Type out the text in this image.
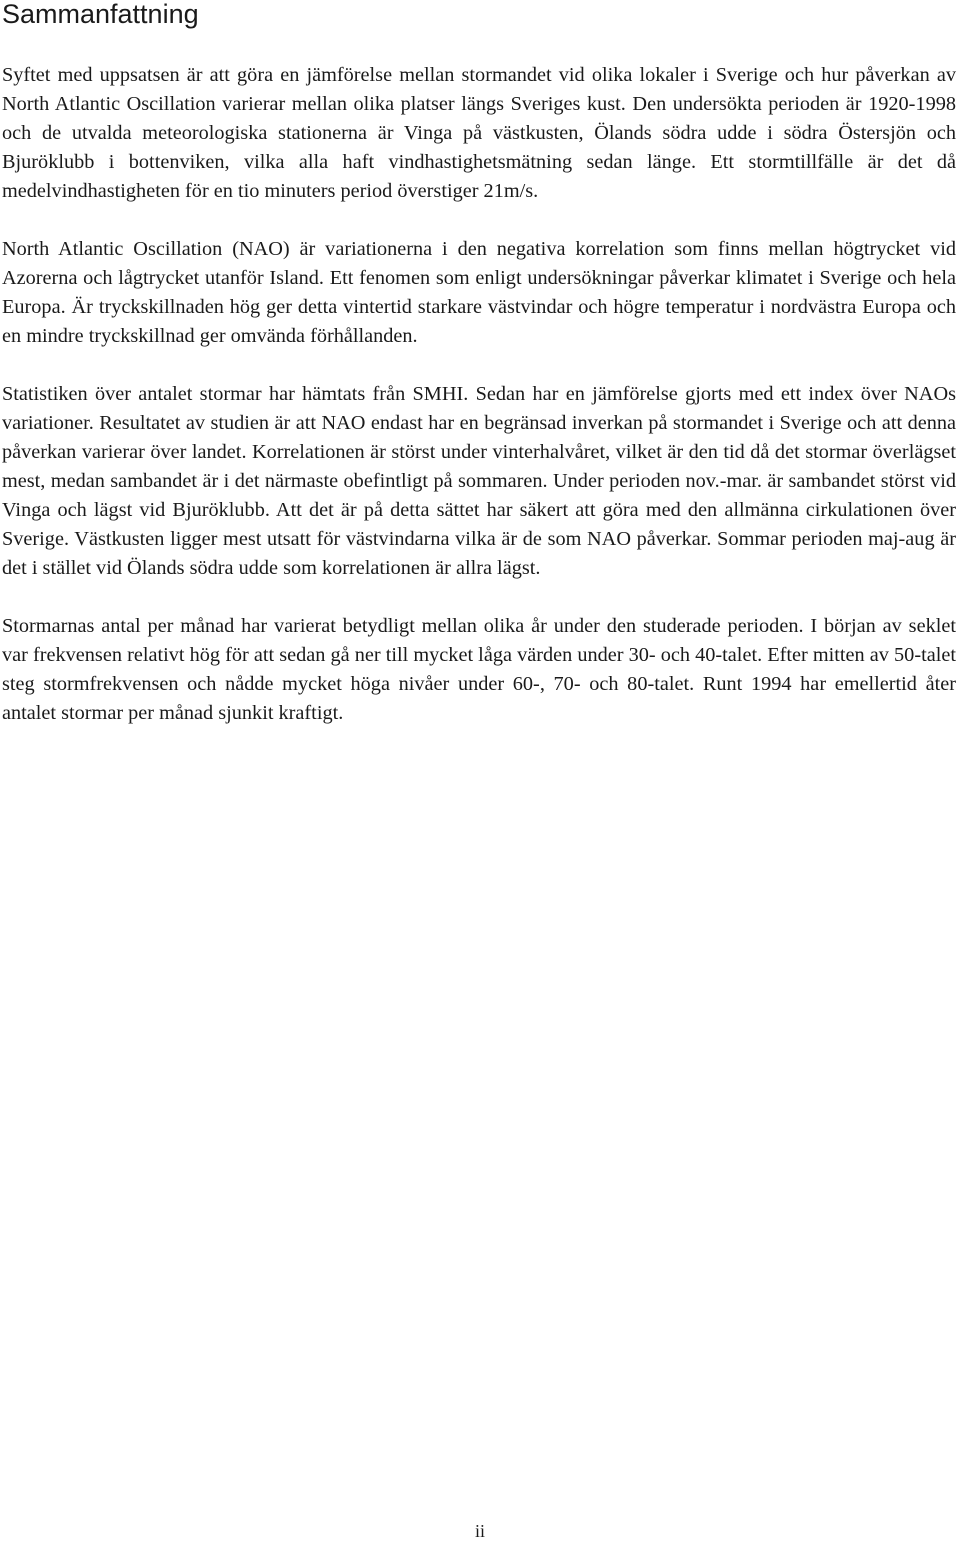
Sammanfattning

Syftet med uppsatsen är att göra en jämförelse mellan stormandet vid olika lokaler i Sverige och hur påverkan av North Atlantic Oscillation varierar mellan olika platser längs Sveriges kust. Den undersökta perioden är 1920-1998 och de utvalda meteorologiska stationerna är Vinga på västkusten, Ölands södra udde i södra Östersjön och Bjuröklubb i bottenviken, vilka alla haft vindhastighetsmätning sedan länge. Ett stormtillfälle är det då medelvindhastigheten för en tio minuters period överstiger 21m/s.

North Atlantic Oscillation (NAO) är variationerna i den negativa korrelation som finns mellan högtrycket vid Azorerna och lågtrycket utanför Island. Ett fenomen som enligt undersökningar påverkar klimatet i Sverige och hela Europa. Är tryckskillnaden hög ger detta vintertid starkare västvindar och högre temperatur i nordvästra Europa och en mindre tryckskillnad ger omvända förhållanden.

Statistiken över antalet stormar har hämtats från SMHI. Sedan har en jämförelse gjorts med ett index över NAOs variationer. Resultatet av studien är att NAO endast har en begränsad inverkan på stormandet i Sverige och att denna påverkan varierar över landet. Korrelationen är störst under vinterhalvåret, vilket är den tid då det stormar överlägset mest, medan sambandet är i det närmaste obefintligt på sommaren. Under perioden nov.-mar. är sambandet störst vid Vinga och lägst vid Bjuröklubb. Att det är på detta sättet har säkert att göra med den allmänna cirkulationen över Sverige. Västkusten ligger mest utsatt för västvindarna vilka är de som NAO påverkar. Sommar perioden maj-aug är det i stället vid Ölands södra udde som korrelationen är allra lägst.

Stormarnas antal per månad har varierat betydligt mellan olika år under den studerade perioden. I början av seklet var frekvensen relativt hög för att sedan gå ner till mycket låga värden under 30- och 40-talet. Efter mitten av 50-talet steg stormfrekvensen och nådde mycket höga nivåer under 60-, 70- och 80-talet. Runt 1994 har emellertid åter antalet stormar per månad sjunkit kraftigt.

ii
